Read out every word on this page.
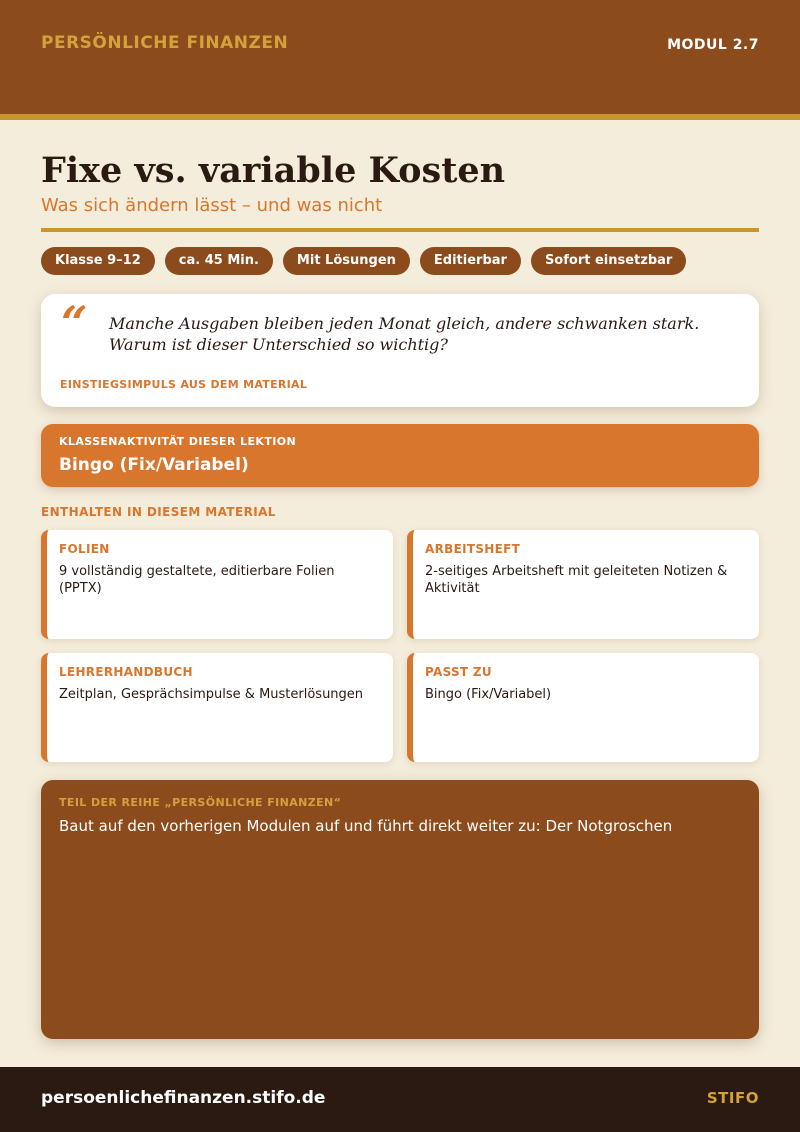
PERSÖNLICHE FINANZEN	MODUL 2.7
Fixe vs. variable Kosten
Was sich ändern lässt – und was nicht
Klasse 9–12	ca. 45 Min.	Mit Lösungen	Editierbar	Sofort einsetzbar
“ Manche Ausgaben bleiben jeden Monat gleich, andere schwanken stark. Warum ist dieser Unterschied so wichtig?
EINSTIEGSIMPULS AUS DEM MATERIAL
KLASSENAKTIVITÄT DIESER LEKTION
Bingo (Fix/Variabel)
ENTHALTEN IN DIESEM MATERIAL
FOLIEN
9 vollständig gestaltete, editierbare Folien (PPTX)
ARBEITSHEFT
2-seitiges Arbeitsheft mit geleiteten Notizen & Aktivität
LEHRERHANDBUCH
Zeitplan, Gesprächsimpulse & Musterlösungen
PASST ZU
Bingo (Fix/Variabel)
TEIL DER REIHE „PERSÖNLICHE FINANZEN“
Baut auf den vorherigen Modulen auf und führt direkt weiter zu: Der Notgroschen
persoenlichefinanzen.stifo.de	STIFO
